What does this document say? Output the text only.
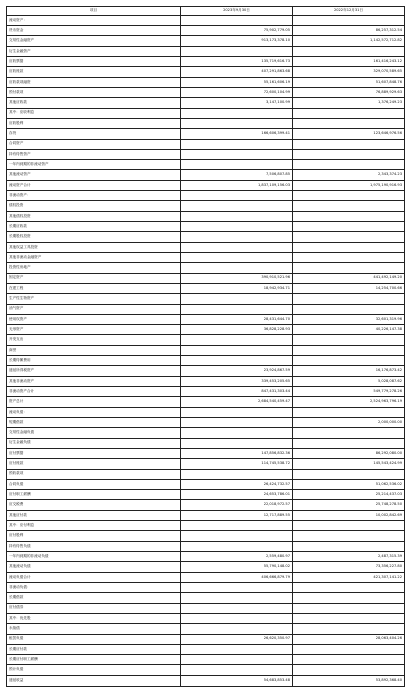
项目	2023年9月30日	2022年12月31日
流动资产：		
货币资金	75,902,779.05	86,257,312.54
交易性金融资产	913,173,378.10	1,142,572,712.82
衍生金融资产		
应收票据	135,719,616.73	161,416,243.12
应收账款	407,291,863.68	329,070,589.65
应收款项融资	55,161,606.19	51,607,848.76
预付款项	72,600,104.99	76,889,929.63
其他应收款	3,147,100.99	1,376,249.23
其中：应收利息		
应收股利		
存货	166,606,399.41	123,646,976.56
合同资产		
持有待售资产		
一年内到期的非流动资产		
其他流动资产	7,506,807.85	2,343,374.23
流动资产合计	1,837,109,156.03	1,975,190,916.93
非流动资产：		
债权投资		
其他债权投资		
长期应收款		
长期股权投资		
其他权益工具投资		
其他非流动金融资产		
投资性房地产		
固定资产	390,910,521.96	441,492,149.20
在建工程	18,942,934.71	14,254,700.66
生产性生物资产		
油气资产		
使用权资产	28,431,644.70	32,601,319.96
无形资产	36,828,228.93	40,226,147.38
开发支出		
商誉		
长期待摊费用		
递延所得税资产	23,924,867.59	16,176,873.42
其他非流动资产	339,453,205.65	5,028,087.62
非流动资产合计	847,431,303.44	549,779,278.26
资产总计	2,684,540,459.47	2,524,963,796.19
流动负债：		
短期借款		2,000,000.00
交易性金融负债		
衍生金融负债		
应付票据	147,856,832.36	86,292,080.00
应付账款	114,745,538.72	145,543,424.99
预收款项		
合同负债	26,424,732.57	51,062,536.02
应付职工薪酬	24,653,786.01	25,214,437.03
应交税费	22,018,972.57	25,748,278.50
其他应付款	12,717,889.55	10,002,842.69
其中：应付利息		
应付股利		
持有待售负债		
一年内到期的非流动负债	2,559,480.97	2,487,315.39
其他流动负债	55,790,148.02	73,356,227.80
流动负债合计	406,666,879.79	421,307,141.22
非流动负债：		
长期借款		
应付债券		
其中：优先股		
永续债		
租赁负债	26,620,350.97	28,063,404.26
长期应付款		
长期应付职工薪酬		
预计负债		
递延收益	54,683,853.48	53,892,368.40
